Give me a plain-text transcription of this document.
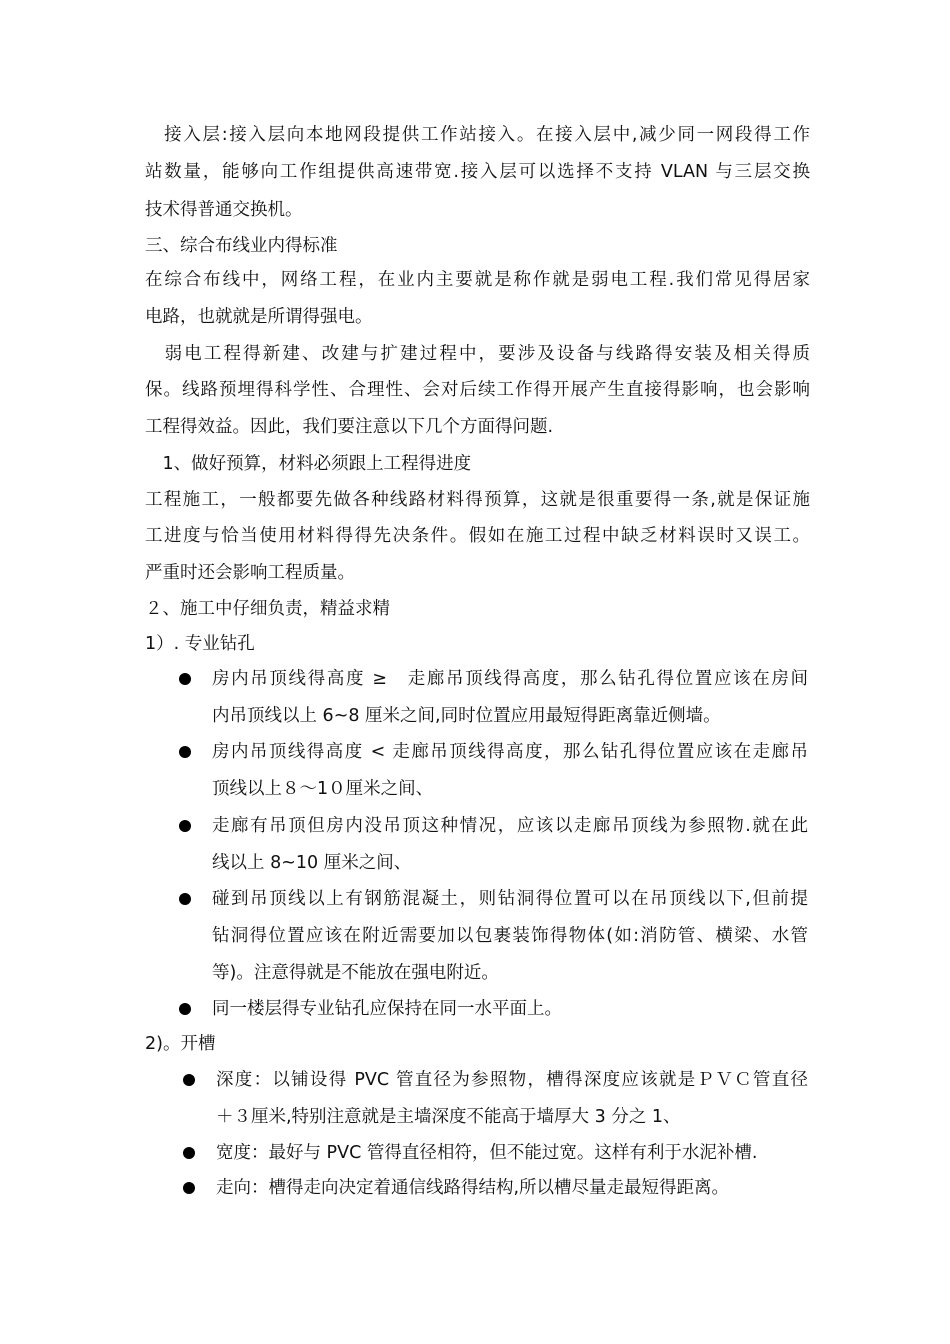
　接入层:接入层向本地网段提供工作站接入。在接入层中,减少同一网段得工作
站数量，能够向工作组提供高速带宽.接入层可以选择不支持 VLAN 与三层交换
技术得普通交换机。
三、综合布线业内得标准
在综合布线中，网络工程，在业内主要就是称作就是弱电工程.我们常见得居家
电路，也就就是所谓得强电。
　弱电工程得新建、改建与扩建过程中，要涉及设备与线路得安装及相关得质
保。线路预埋得科学性、合理性、会对后续工作得开展产生直接得影响，也会影响
工程得效益。因此，我们要注意以下几个方面得问题.
　1、做好预算，材料必须跟上工程得进度
工程施工，一般都要先做各种线路材料得预算，这就是很重要得一条,就是保证施
工进度与恰当使用材料得得先决条件。假如在施工过程中缺乏材料误时又误工。
严重时还会影响工程质量。
２、施工中仔细负责，精益求精
1）. 专业钻孔
房内吊顶线得高度 ≥　走廊吊顶线得高度，那么钻孔得位置应该在房间
内吊顶线以上 6~8 厘米之间,同时位置应用最短得距离靠近侧墙。
房内吊顶线得高度 < 走廊吊顶线得高度，那么钻孔得位置应该在走廊吊
顶线以上８～1０厘米之间、
走廊有吊顶但房内没吊顶这种情况，应该以走廊吊顶线为参照物.就在此
线以上 8~10 厘米之间、
碰到吊顶线以上有钢筋混凝土，则钻洞得位置可以在吊顶线以下,但前提
钻洞得位置应该在附近需要加以包裹装饰得物体(如:消防管、横梁、水管
等)。注意得就是不能放在强电附近。
同一楼层得专业钻孔应保持在同一水平面上。
2)。开槽
深度：以铺设得 PVC 管直径为参照物，槽得深度应该就是ＰＶＣ管直径
＋３厘米,特别注意就是主墙深度不能高于墙厚大 3 分之 1、
宽度：最好与 PVC 管得直径相符，但不能过宽。这样有利于水泥补槽.
走向：槽得走向决定着通信线路得结构,所以槽尽量走最短得距离。
